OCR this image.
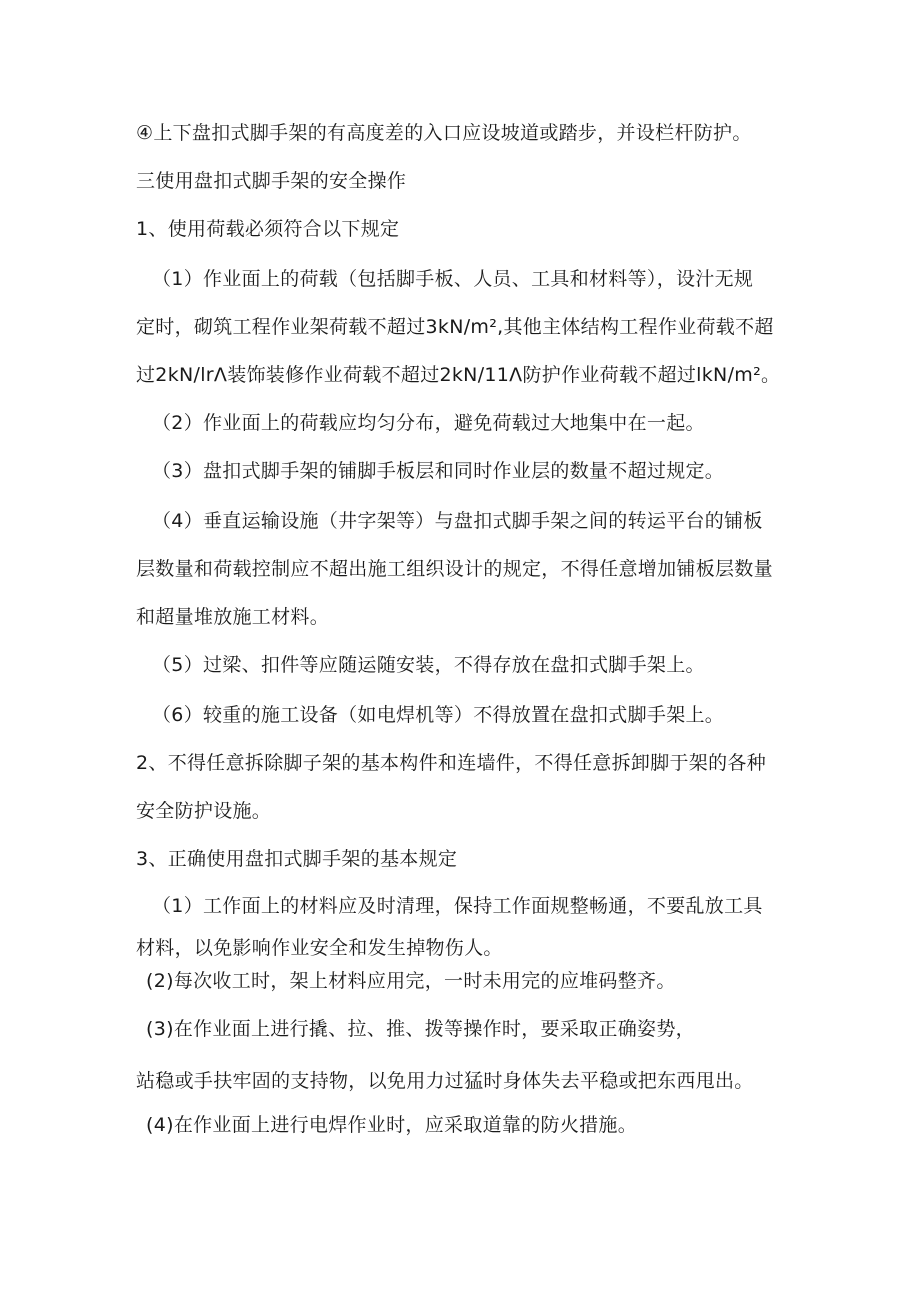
④上下盘扣式脚手架的有高度差的入口应设坡道或踏步，并设栏杆防护。
三使用盘扣式脚手架的安全操作
1、使用荷载必须符合以下规定
（1）作业面上的荷载（包括脚手板、人员、工具和材料等），设汁无规
定时，砌筑工程作业架荷载不超过3kN∕m²,其他主体结构工程作业荷载不超
过2kN∕lrΛ装饰装修作业荷载不超过2kN∕11Λ防护作业荷载不超过lkN∕m²。
（2）作业面上的荷载应均匀分布，避免荷载过大地集中在一起。
（3）盘扣式脚手架的铺脚手板层和同时作业层的数量不超过规定。
（4）垂直运输设施（井字架等）与盘扣式脚手架之间的转运平台的铺板
层数量和荷载控制应不超出施工组织设计的规定，不得任意增加铺板层数量
和超量堆放施工材料。
（5）过梁、扣件等应随运随安装，不得存放在盘扣式脚手架上。
（6）较重的施工设备（如电焊机等）不得放置在盘扣式脚手架上。
2、不得任意拆除脚子架的基本构件和连墙件，不得任意拆卸脚于架的各种
安全防护设施。
3、正确使用盘扣式脚手架的基本规定
（1）工作面上的材料应及时清理，保持工作面规整畅通，不要乱放工具
材料，以免影响作业安全和发生掉物伤人。
(2)每次收工时，架上材料应用完，一时未用完的应堆码整齐。
(3)在作业面上进行撬、拉、推、拨等操作时，要采取正确姿势，
站稳或手扶牢固的支持物，以免用力过猛时身体失去平稳或把东西甩出。
(4)在作业面上进行电焊作业时，应采取道靠的防火措施。
